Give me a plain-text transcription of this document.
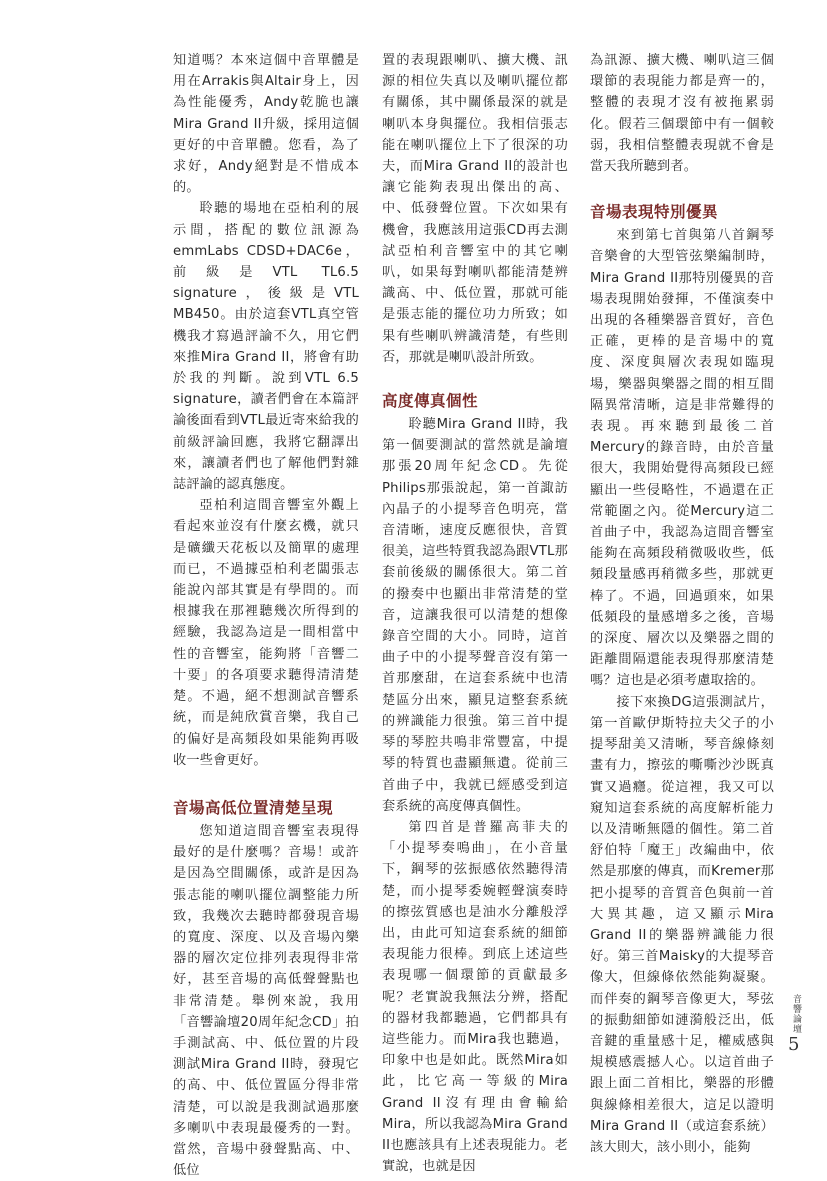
知道嗎？本來這個中音單體是用在Arrakis與Altair身上，因為性能優秀，Andy乾脆也讓Mira Grand II升級，採用這個更好的中音單體。您看，為了求好，Andy絕對是不惜成本的。

聆聽的場地在亞柏利的展示間，搭配的數位訊源為emmLabs CDSD+DAC6e，前級是VTL TL6.5 signature，後級是VTL MB450。由於這套VTL真空管機我才寫過評論不久，用它們來推Mira Grand II，將會有助於我的判斷。說到VTL 6.5 signature，讀者們會在本篇評論後面看到VTL最近寄來給我的前級評論回應，我將它翻譯出來，讓讀者們也了解他們對雜誌評論的認真態度。

亞柏利這間音響室外觀上看起來並沒有什麼玄機，就只是礦纖天花板以及簡單的處理而已，不過據亞柏利老闆張志能說內部其實是有學問的。而根據我在那裡聽幾次所得到的經驗，我認為這是一間相當中性的音響室，能夠將「音響二十要」的各項要求聽得清清楚楚。不過，絕不想測試音響系統，而是純欣賞音樂，我自己的偏好是高頻段如果能夠再吸收一些會更好。

音場高低位置清楚呈現

您知道這間音響室表現得最好的是什麼嗎？音場！或許是因為空間關係，或許是因為張志能的喇叭擺位調整能力所致，我幾次去聽時都發現音場的寬度、深度、以及音場內樂器的層次定位排列表現得非常好，甚至音場的高低聲聲點也非常清楚。舉例來說，我用「音響論壇20周年紀念CD」拍手測試高、中、低位置的片段測試Mira Grand II時，發現它的高、中、低位置區分得非常清楚，可以說是我測試過那麼多喇叭中表現最優秀的一對。當然，音場中發聲點高、中、低位

置的表現跟喇叭、擴大機、訊源的相位失真以及喇叭擺位都有關係，其中關係最深的就是喇叭本身與擺位。我相信張志能在喇叭擺位上下了很深的功夫，而Mira Grand II的設計也讓它能夠表現出傑出的高、中、低發聲位置。下次如果有機會，我應該用這張CD再去測試亞柏利音響室中的其它喇叭，如果每對喇叭都能清楚辨識高、中、低位置，那就可能是張志能的擺位功力所致；如果有些喇叭辨識清楚，有些則否，那就是喇叭設計所致。

高度傳真個性

聆聽Mira Grand II時，我第一個要測試的當然就是論壇那張20周年紀念CD。先從Philips那張說起，第一首諏訪內晶子的小提琴音色明亮，當音清晰，速度反應很快，音質很美，這些特質我認為跟VTL那套前後級的關係很大。第二首的撥奏中也顯出非常清楚的堂音，這讓我很可以清楚的想像錄音空間的大小。同時，這首曲子中的小提琴聲音沒有第一首那麼甜，在這套系統中也清楚區分出來，顯見這整套系統的辨識能力很強。第三首中提琴的琴腔共鳴非常豐富，中提琴的特質也盡顯無遺。從前三首曲子中，我就已經感受到這套系統的高度傳真個性。

第四首是普羅高菲夫的「小提琴奏鳴曲」，在小音量下，鋼琴的弦振感依然聽得清楚，而小提琴委婉輕聲演奏時的擦弦質感也是油水分離般浮出，由此可知這套系統的細節表現能力很棒。到底上述這些表現哪一個環節的貢獻最多呢？老實說我無法分辨，搭配的器材我都聽過，它們都具有這些能力。而Mira我也聽過，印象中也是如此。既然Mira如此，比它高一等級的Mira Grand II沒有理由會輸給Mira，所以我認為Mira Grand II也應該具有上述表現能力。老實說，也就是因

為訊源、擴大機、喇叭這三個環節的表現能力都是齊一的，整體的表現才沒有被拖累弱化。假若三個環節中有一個較弱，我相信整體表現就不會是當天我所聽到者。

音場表現特別優異

來到第七首與第八首鋼琴音樂會的大型管弦樂編制時，Mira Grand II那特別優異的音場表現開始發揮，不僅演奏中出現的各種樂器音質好，音色正確，更棒的是音場中的寬度、深度與層次表現如臨現場，樂器與樂器之間的相互間隔異常清晰，這是非常難得的表現。再來聽到最後二首Mercury的錄音時，由於音量很大，我開始覺得高頻段已經顯出一些侵略性，不過還在正常範圍之內。從Mercury這二首曲子中，我認為這間音響室能夠在高頻段稍微吸收些，低頻段量感再稍微多些，那就更棒了。不過，回過頭來，如果低頻段的量感增多之後，音場的深度、層次以及樂器之間的距離間隔還能表現得那麼清楚嗎？這也是必須考慮取捨的。

接下來換DG這張測試片，第一首歐伊斯特拉夫父子的小提琴甜美又清晰，琴音線條刻畫有力，擦弦的嘶嘶沙沙既真實又過癮。從這裡，我又可以窺知這套系統的高度解析能力以及清晰無隱的個性。第二首舒伯特「魔王」改編曲中，依然是那麼的傳真，而Kremer那把小提琴的音質音色與前一首大異其趣，這又顯示Mira Grand II的樂器辨識能力很好。第三首Maisky的大提琴音像大，但線條依然能夠凝聚。而伴奏的鋼琴音像更大，琴弦的振動細節如漣漪般泛出，低音鍵的重量感十足，權威感與規模感震撼人心。以這首曲子跟上面二首相比，樂器的形體與線條相差很大，這足以證明Mira Grand II（或這套系統）該大則大，該小則小，能夠

音響論壇
5
